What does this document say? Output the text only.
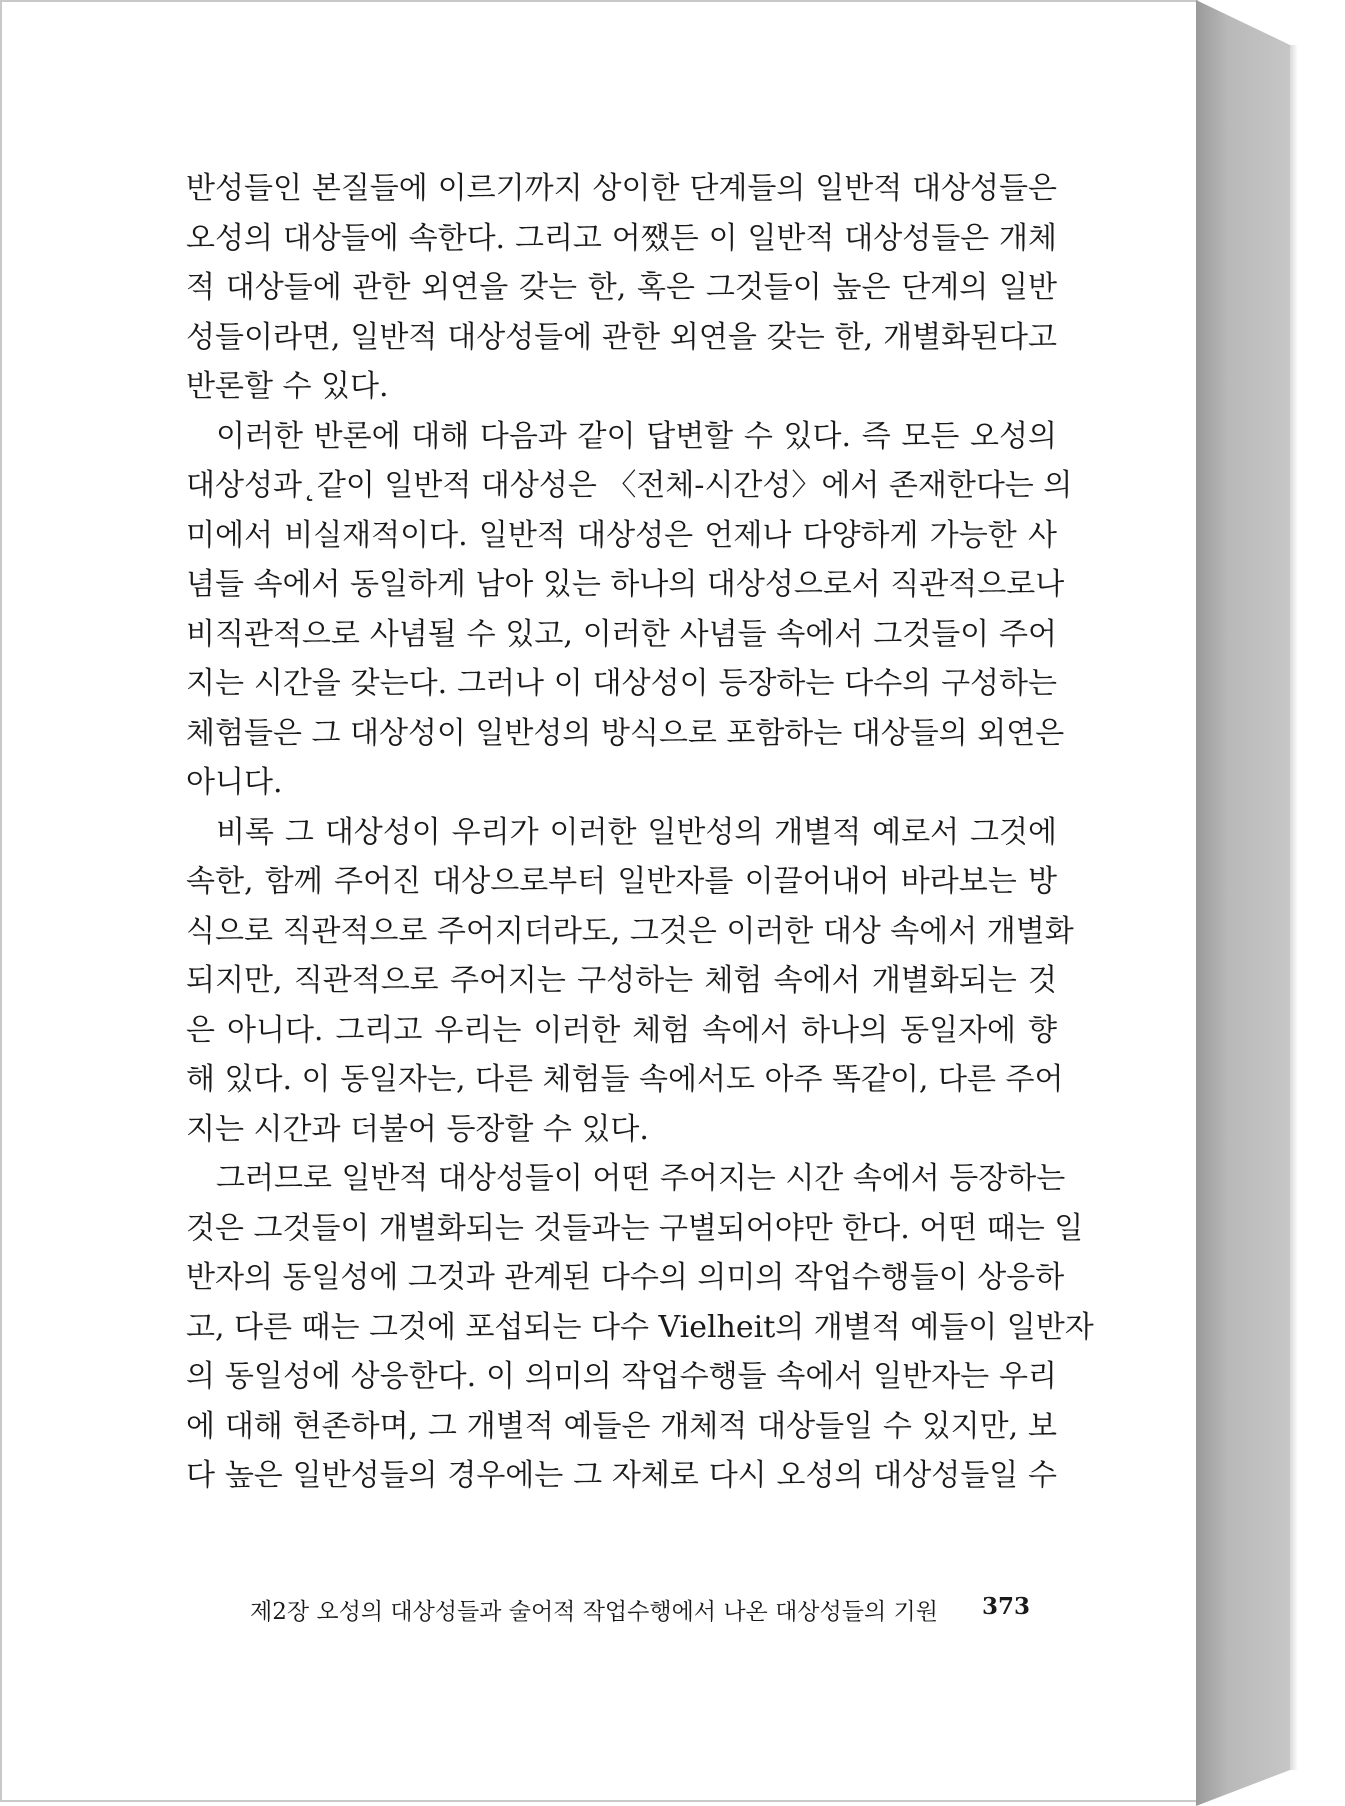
반성들인 본질들에 이르기까지 상이한 단계들의 일반적 대상성들은
오성의 대상들에 속한다. 그리고 어쨌든 이 일반적 대상성들은 개체
적 대상들에 관한 외연을 갖는 한, 혹은 그것들이 높은 단계의 일반
성들이라면, 일반적 대상성들에 관한 외연을 갖는 한, 개별화된다고
반론할 수 있다.
이러한 반론에 대해 다음과 같이 답변할 수 있다. 즉 모든 오성의
대상성과˛같이 일반적 대상성은 〈전체-시간성〉에서 존재한다는 의
미에서 비실재적이다. 일반적 대상성은 언제나 다양하게 가능한 사
념들 속에서 동일하게 남아 있는 하나의 대상성으로서 직관적으로나
비직관적으로 사념될 수 있고, 이러한 사념들 속에서 그것들이 주어
지는 시간을 갖는다. 그러나 이 대상성이 등장하는 다수의 구성하는
체험들은 그 대상성이 일반성의 방식으로 포함하는 대상들의 외연은
아니다.
비록 그 대상성이 우리가 이러한 일반성의 개별적 예로서 그것에
속한, 함께 주어진 대상으로부터 일반자를 이끌어내어 바라보는 방
식으로 직관적으로 주어지더라도, 그것은 이러한 대상 속에서 개별화
되지만, 직관적으로 주어지는 구성하는 체험 속에서 개별화되는 것
은 아니다. 그리고 우리는 이러한 체험 속에서 하나의 동일자에 향
해 있다. 이 동일자는, 다른 체험들 속에서도 아주 똑같이, 다른 주어
지는 시간과 더불어 등장할 수 있다.
그러므로 일반적 대상성들이 어떤 주어지는 시간 속에서 등장하는
것은 그것들이 개별화되는 것들과는 구별되어야만 한다. 어떤 때는 일
반자의 동일성에 그것과 관계된 다수의 의미의 작업수행들이 상응하
고, 다른 때는 그것에 포섭되는 다수 Vielheit의 개별적 예들이 일반자
의 동일성에 상응한다. 이 의미의 작업수행들 속에서 일반자는 우리
에 대해 현존하며, 그 개별적 예들은 개체적 대상들일 수 있지만, 보
다 높은 일반성들의 경우에는 그 자체로 다시 오성의 대상성들일 수
제2장 오성의 대상성들과 술어적 작업수행에서 나온 대상성들의 기원 373
